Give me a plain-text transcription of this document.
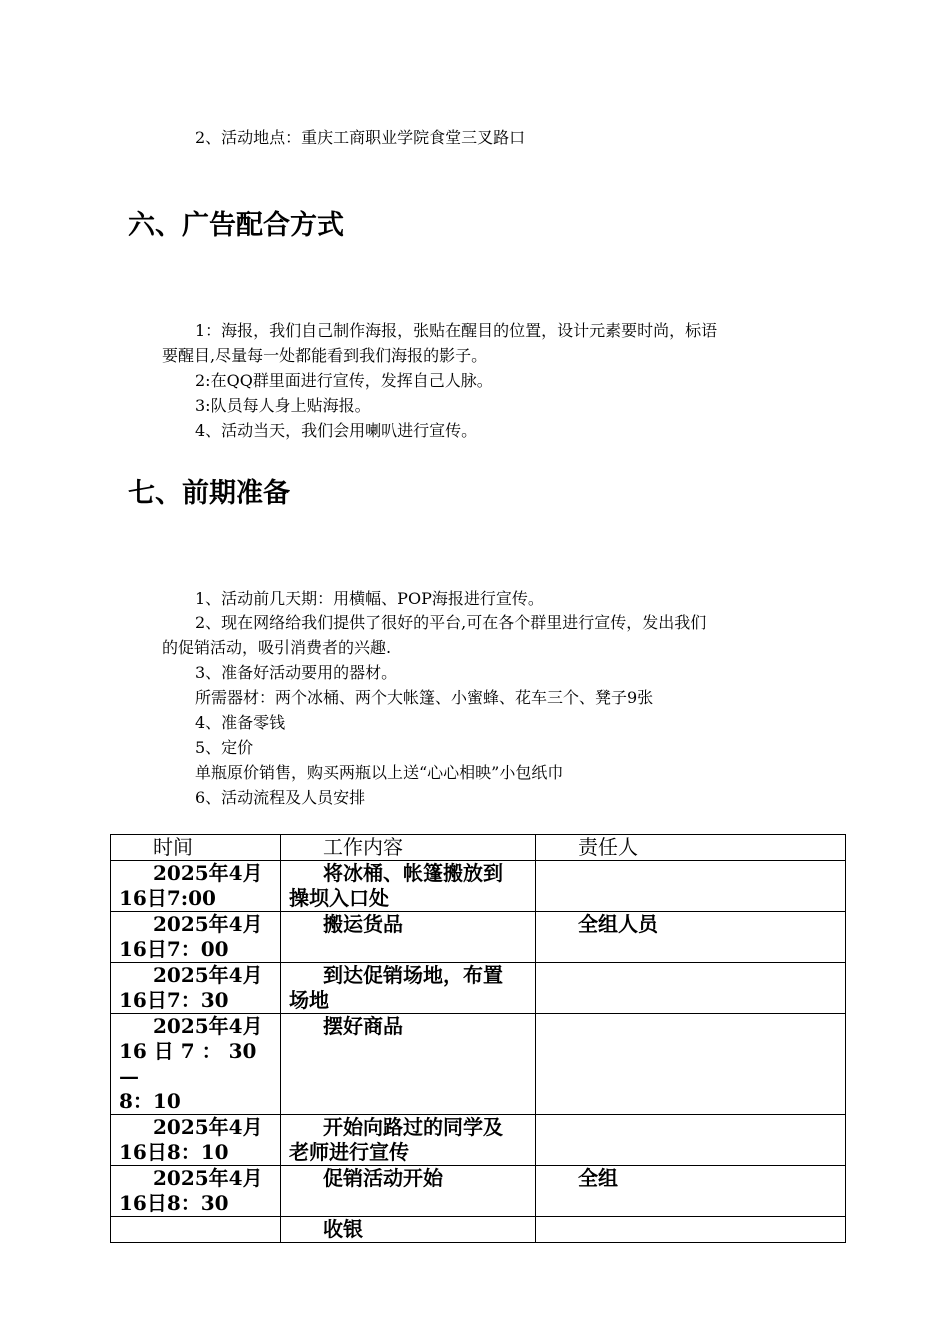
2、活动地点：重庆工商职业学院食堂三叉路口
六、广告配合方式
1：海报，我们自己制作海报，张贴在醒目的位置，设计元素要时尚，标语
要醒目,尽量每一处都能看到我们海报的影子。
2:在QQ群里面进行宣传，发挥自己人脉。
3:队员每人身上贴海报。
4、活动当天，我们会用喇叭进行宣传。
七、前期准备
1、活动前几天期：用横幅、POP海报进行宣传。
2、现在网络给我们提供了很好的平台,可在各个群里进行宣传，发出我们
的促销活动，吸引消费者的兴趣.
3、准备好活动要用的器材。
所需器材：两个冰桶、两个大帐篷、小蜜蜂、花车三个、凳子9张
4、准备零钱
5、定价
单瓶原价销售，购买两瓶以上送“心心相映”小包纸巾
6、活动流程及人员安排
时间	工作内容	责任人
2025年4月
16日7:00	将冰桶、帐篷搬放到
操坝入口处	
2025年4月
16日7：00	搬运货品	全组人员
2025年4月
16日7：30	到达促销场地，布置
场地	
2025年4月
16 日 7 ： 30—
8：10	摆好商品	
2025年4月
16日8：10	开始向路过的同学及
老师进行宣传	
2025年4月
16日8：30	促销活动开始	全组
	收银	
